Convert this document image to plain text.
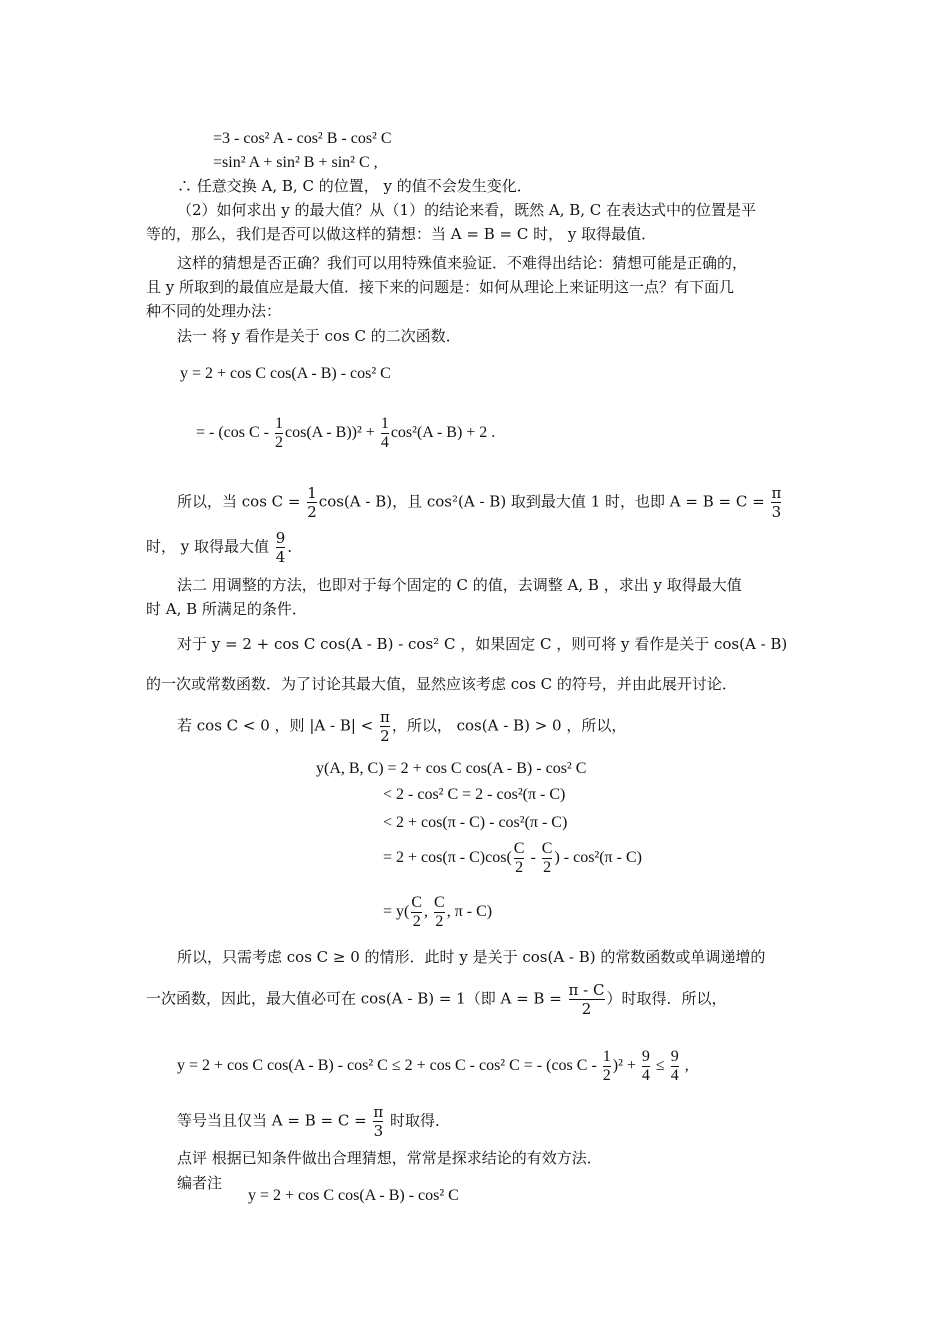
=3 - cos² A - cos² B - cos² C
=sin² A + sin² B + sin² C ,
∴ 任意交换 A, B, C 的位置， y 的值不会发生变化．
（2）如何求出 y 的最大值？从（1）的结论来看，既然 A, B, C 在表达式中的位置是平
等的，那么，我们是否可以做这样的猜想：当 A = B = C 时， y 取得最值．
这样的猜想是否正确？我们可以用特殊值来验证．不难得出结论：猜想可能是正确的，
且 y 所取到的最值应是最大值．接下来的问题是：如何从理论上来证明这一点？有下面几
种不同的处理办法：
法一 将 y 看作是关于 cos C 的二次函数．
y = 2 + cos C cos(A - B) - cos² C
= - (cos $C - \frac{1}{2} \cos(A - B))^2 + \frac{1}{4} \cos^2(A - B) + 2$ .
所以，当 $\cos C = \frac{1}{2} \cos(A - B)$，且 cos²(A - B) 取到最大值 1 时，也即 $A = B = C = \frac{\pi}{3}$
时， y 取得最大值 $\frac{9}{4}$ ．
法二 用调整的方法，也即对于每个固定的 C 的值，去调整 A, B ，求出 y 取得最大值
时 A, B 所满足的条件．
对于 y = 2 + cos C cos(A - B) - cos² C ，如果固定 C ，则可将 y 看作是关于 cos(A - B)
的一次或常数函数．为了讨论其最大值，显然应该考虑 cos C 的符号，并由此展开讨论．
若 cos C < 0 ，则 $|A - B| < \frac{\pi}{2}$ ，所以， cos(A - B) > 0 ，所以，
y(A, B, C) = 2 + cos C cos(A - B) - cos² C
< 2 - cos² C = 2 - cos²(π - C)
< 2 + cos(π - C) - cos²(π - C)
= $2 + \cos(\pi - C)\cos( \frac{C}{2} - \frac{C}{2}$ ) - cos²(π - C)
= $y( \frac{C}{2}$ , $\frac{C}{2}$ , π - C)
所以，只需考虑 cos C ≥ 0 的情形．此时 y 是关于 cos(A - B) 的常数函数或单调递增的
一次函数，因此，最大值必可在 cos(A - B) = 1（即 $A = B = \frac{\pi - C}{2}$ ）时取得．所以，
y = 2 + cos C cos(A - B) - cos² C ≤ 2 + cos C - cos² C = - (cos $C - \frac{1}{2} )^2 + \frac{9}{4} \le \frac{9}{4}$ ,
等号当且仅当 $A = B = C = \frac{\pi}{3}$ 时取得．
点评 根据已知条件做出合理猜想，常常是探求结论的有效方法．
编者注
y = 2 + cos C cos(A - B) - cos² C
